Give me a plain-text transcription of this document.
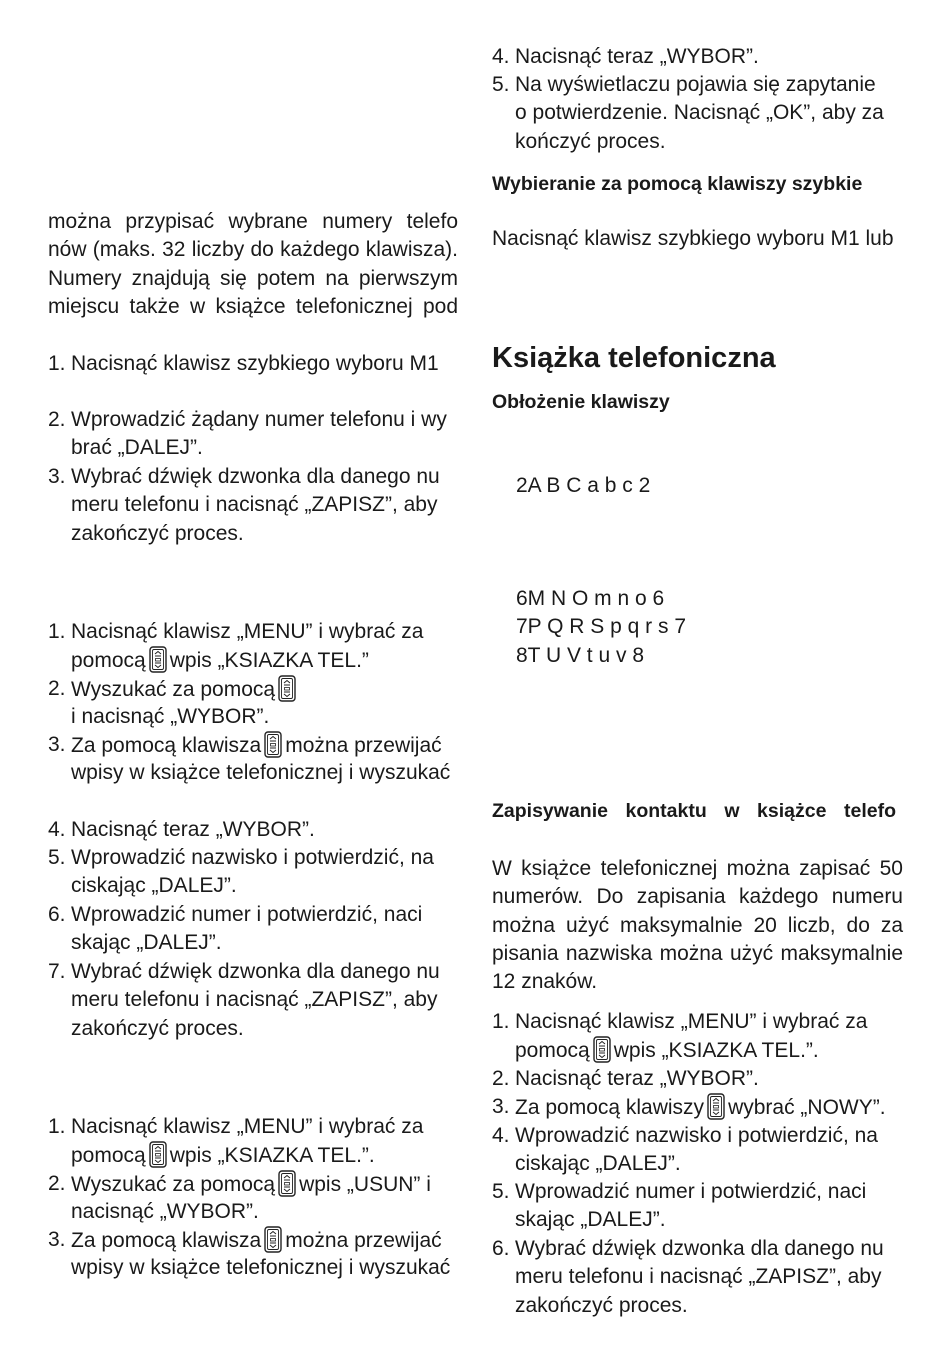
można przypisać wybrane numery telefo
nów (maks. 32 liczby do każdego klawisza).
Numery znajdują się potem na pierwszym
miejscu także w książce telefonicznej pod
1. Nacisnąć klawisz szybkiego wyboru M1
2. Wprowadzić żądany numer telefonu i wy
brać „DALEJ”.
3. Wybrać dźwięk dzwonka dla danego nu
meru telefonu i nacisnąć „ZAPISZ”, aby
zakończyć proces.
1. Nacisnąć klawisz „MENU” i wybrać za
pomocą wpis „KSIAZKA TEL.”
2. Wyszukać za pomocą
i nacisnąć „WYBOR”.
3. Za pomocą klawisza można przewijać
wpisy w książce telefonicznej i wyszukać
4. Nacisnąć teraz „WYBOR”.
5. Wprowadzić nazwisko i potwierdzić, na
ciskając „DALEJ”.
6. Wprowadzić numer i potwierdzić, naci
skając „DALEJ”.
7. Wybrać dźwięk dzwonka dla danego nu
meru telefonu i nacisnąć „ZAPISZ”, aby
zakończyć proces.
1. Nacisnąć klawisz „MENU” i wybrać za
pomocą wpis „KSIAZKA TEL.”.
2. Wyszukać za pomocą wpis „USUN” i
nacisnąć „WYBOR”.
3. Za pomocą klawisza można przewijać
wpisy w książce telefonicznej i wyszukać
4. Nacisnąć teraz „WYBOR”.
5. Na wyświetlaczu pojawia się zapytanie
o potwierdzenie. Nacisnąć „OK”, aby za
kończyć proces.
Wybieranie za pomocą klawiszy szybkie
Nacisnąć klawisz szybkiego wyboru M1 lub
Książka telefoniczna
Obłożenie klawiszy
2A B C a b c 2
6M N O m n o 6
7P Q R S p q r s 7
8T U V t u v 8
Zapisywanie kontaktu w książce telefo
W książce telefonicznej można zapisać 50
numerów. Do zapisania każdego numeru
można użyć maksymalnie 20 liczb, do za
pisania nazwiska można użyć maksymalnie
12 znaków.
1. Nacisnąć klawisz „MENU” i wybrać za
pomocą wpis „KSIAZKA TEL.”.
2. Nacisnąć teraz „WYBOR”.
3. Za pomocą klawiszy wybrać „NOWY”.
4. Wprowadzić nazwisko i potwierdzić, na
ciskając „DALEJ”.
5. Wprowadzić numer i potwierdzić, naci
skając „DALEJ”.
6. Wybrać dźwięk dzwonka dla danego nu
meru telefonu i nacisnąć „ZAPISZ”, aby
zakończyć proces.
